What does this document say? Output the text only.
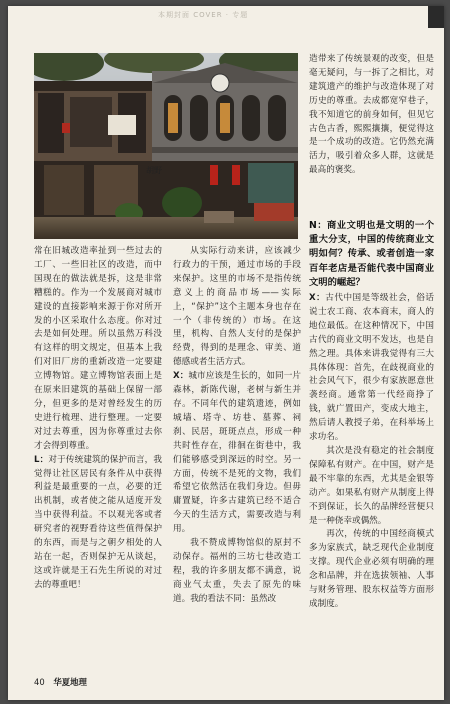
本期封面 COVER · 专题
胡野

造带来了传统景观的改变，但是毫无疑问，与一拆了之相比，对建筑遗产的维护与改造体现了对历史的尊重。去成都宽窄巷子，我不知道它的前身如何，但见它古色古香，熙熙攘攘，便觉得这是一个成功的改造。它仍然充满活力，吸引着众多人群，这就是最高的褒奖。

常在旧城改造率扯到一些过去的工厂、一些旧社区的改造，而中国现在的做法就是拆，这是非常糟糕的。作为一个发展商对城市建设的直接影响来源于你对所开发的小区采取什么态度。你对过去是如何处理。所以虽然万科没有这样的明文规定，但基本上我们对旧厂房的重新改造一定要建立博物馆。建立博物馆表面上是在原来旧建筑的基础上保留一部分，但更多的是对曾经发生的历史进行梳理、进行整理。一定要对过去尊重，因为你尊重过去你才会得到尊重。

L：对于传统建筑的保护而言，我觉得让社区居民有条件从中获得利益是最重要的一点，必要的迁出机制，或者使之能从适度开发当中获得利益。不以观光客或者研究者的视野看待这些值得保护的东西，而是与之朝夕相处的人站在一起，否则保护无从谈起，这或许就是王石先生所说的对过去的尊重吧！

从实际行动来讲，应该减少行政力的干预，通过市场的手段来保护。这里的市场不是指传统意义上的商品市场——实际上，“保护”这个主题本身也存在一个（非传统的）市场。在这里，机构、自然人支付的是保护经费，得到的是理念、审美、道德感或者生活方式。

X：城市应该是生长的，如同一片森林，新陈代谢，老树与新生并存。不同年代的建筑遗迹，例如城墙、塔寺、坊巷、墓葬、祠刹、民居，斑斑点点，形成一种共时性存在，徘徊在街巷中，我们能够感受到深远的时空。另一方面，传统不是死的文物，我们希望它依然活在我们身边。但毋庸置疑，许多古建筑已经不适合今天的生活方式，需要改造与利用。

我不赞成博物馆似的原封不动保存。福州的三坊七巷改造工程，我的许多朋友都不满意，说商业气太重，失去了原先的味道。我的看法不同：虽然改

N：商业文明也是文明的一个重大分支，中国的传统商业文明如何？传承、或者创造一家百年老店是否能代表中国商业文明的崛起？

X：古代中国是等级社会，俗话说士农工商、农本商末，商人的地位最低。在这种情况下，中国古代的商业文明不发达，也是自然之理。具体来讲我觉得有三大具体体现：首先，在歧视商业的社会风气下，很少有家族愿意世袭经商。通常第一代经商挣了钱，就广置田产，变成大地主，然后请人教授子弟，在科举场上求功名。

其次是没有稳定的社会制度保障私有财产。在中国，财产是最不牢靠的东西，尤其是金银等动产。如果私有财产从制度上得不到保证，长久的品牌经营便只是一种侥幸或偶然。

再次，传统的中国经商模式多为家族式，缺乏现代企业制度支撑。现代企业必须有明确的理念和品牌，并在选拔领袖、人事与财务管理、股东权益等方面形成制度。

40 华夏地理
